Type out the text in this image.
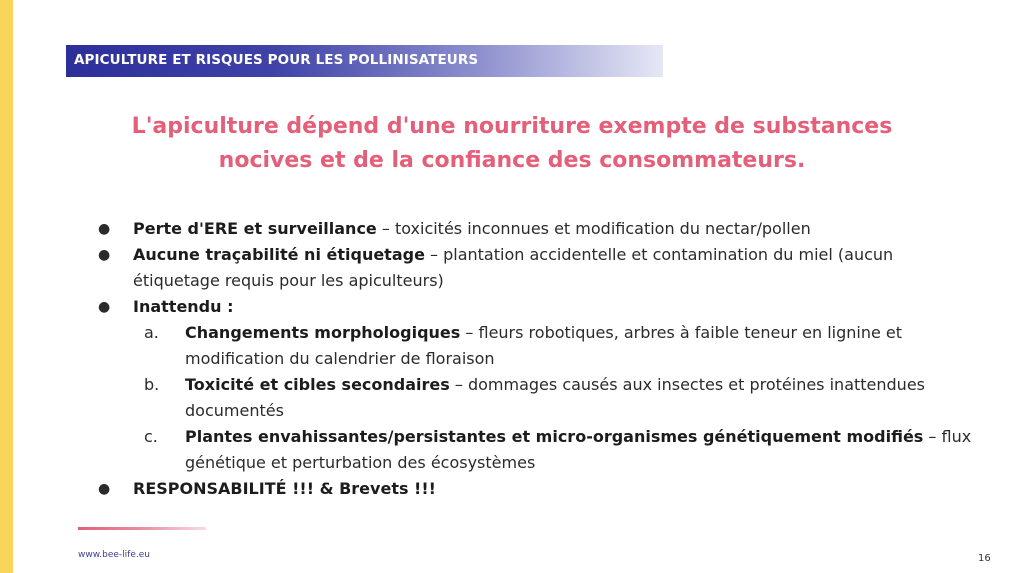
APICULTURE ET RISQUES POUR LES POLLINISATEURS
L'apiculture dépend d'une nourriture exempte de substances
nocives et de la confiance des consommateurs.
●	Perte d'ERE et surveillance – toxicités inconnues et modification du nectar/pollen
●	Aucune traçabilité ni étiquetage – plantation accidentelle et contamination du miel (aucun étiquetage requis pour les apiculteurs)
●	Inattendu :
a. Changements morphologiques – fleurs robotiques, arbres à faible teneur en lignine et modification du calendrier de floraison
b. Toxicité et cibles secondaires – dommages causés aux insectes et protéines inattendues documentés
c. Plantes envahissantes/persistantes et micro-organismes génétiquement modifiés – flux génétique et perturbation des écosystèmes
●	RESPONSABILITÉ !!! & Brevets !!!
www.bee-life.eu	16
